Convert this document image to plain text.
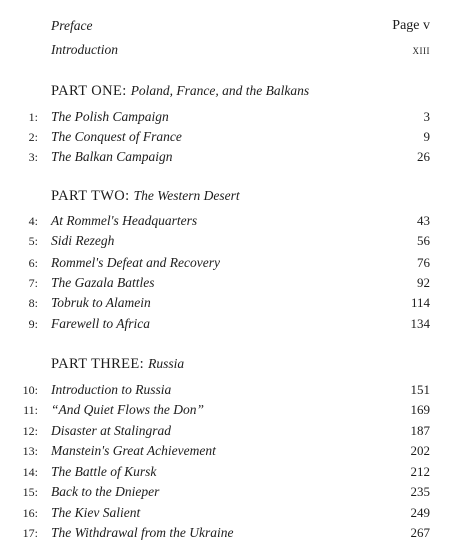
Preface	Page v
Introduction	xiii
PART ONE: Poland, France, and the Balkans
1: The Polish Campaign	3
2: The Conquest of France	9
3: The Balkan Campaign	26
PART TWO: The Western Desert
4: At Rommel's Headquarters	43
5: Sidi Rezegh	56
6: Rommel's Defeat and Recovery	76
7: The Gazala Battles	92
8: Tobruk to Alamein	114
9: Farewell to Africa	134
PART THREE: Russia
10: Introduction to Russia	151
11: “And Quiet Flows the Don”	169
12: Disaster at Stalingrad	187
13: Manstein's Great Achievement	202
14: The Battle of Kursk	212
15: Back to the Dnieper	235
16: The Kiev Salient	249
17: The Withdrawal from the Ukraine	267
